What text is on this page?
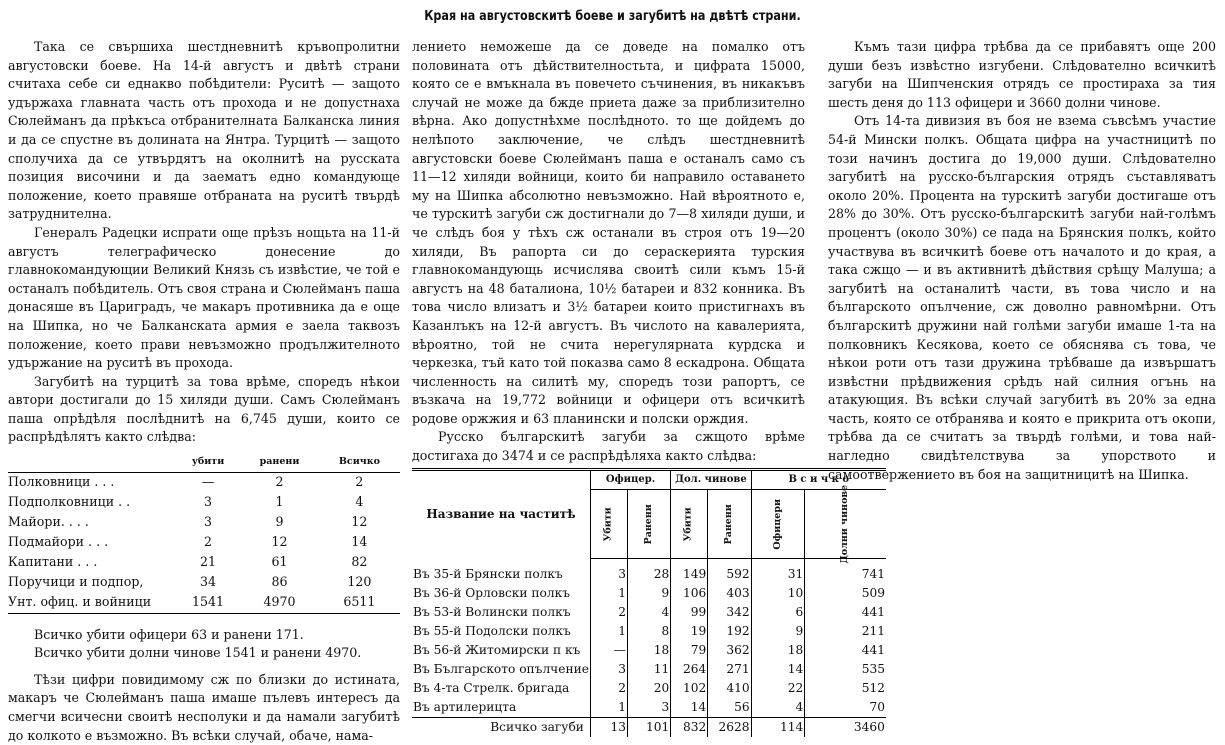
Края на августовскитѣ боеве и загубитѣ на двѣтѣ страни.

Така се свършиха шестдневнитѣ кръвопролитни августовски боеве. На 14-й августъ и двѣтѣ страни считаха себе си еднакво побѣдители: Руситѣ — защото удържаха главната часть отъ прохода и не допустнаха Сюлейманъ да прѣкъса отбранителната Балканска линия и да се спустне въ долината на Янтра. Турцитѣ — защото сполучиха да се утвърдятъ на околнитѣ на русската позиция височини и да заематъ едно командующе положение, което правяше отбраната на руситѣ твърдѣ затруднителна.

Генералъ Радецки испрати още прѣзъ нощьта на 11-й августъ телеграфическо донесение до главнокомандующии Великий Князь съ извѣстие, че той е останалъ побѣдитель. Отъ своя страна и Сюлейманъ паша донасяше въ Цариградъ, че макаръ противника да е още на Шипка, но че Балканската армия е заела таквозъ положение, което прави невъзможно продължителното удържание на руситѣ въ прохода.

Загубитѣ на турцитѣ за това врѣме, споредъ нѣкои автори достигали до 15 хиляди души. Самъ Сюлейманъ паша опрѣдѣля послѣднитѣ на 6,745 души, които се распрѣдѣлятъ както слѣдва:

	убити	ранени	Всичко
Полковници . . .	—	2	2
Подполковници . .	3	1	4
Майори. . . .	3	9	12
Подмайори . . .	2	12	14
Капитани . . .	21	61	82
Поручици и подпор,	34	86	120
Унт. офиц. и войници	1541	4970	6511

Всичко убити офицери 63 и ранени 171.

Всичко убити долни чинове 1541 и ранени 4970.

Тѣзи цифри повидимому сж по близки до истината, макаръ че Сюлейманъ паша имаше пълевъ интересъ да смегчи всичесни своитѣ несполуки и да намали загубитѣ до колкото е възможно. Въ всѣки случай, обаче, нама-

лението неможеше да се доведе на помалко отъ половината отъ дѣйствителностьта, и цифрата 15000, която се е вмъкнала въ повечето съчинения, въ никакъвъ случай не може да бжде приета даже за приблизително вѣрна. Ако допустнѣхме послѣдното. то ще дойдемъ до нелѣпото заключение, че слѣдъ шестдневнитѣ августовски боеве Сюлейманъ паша е останалъ само съ 11—12 хиляди войници, които би направило оставането му на Шипка абсолютно невъзможно. Най вѣроятното е, че турскитѣ загуби сж достигнали до 7—8 хиляди души, и че слѣдъ боя у тѣхъ сж останали въ строя отъ 19—20 хиляди, Въ рапорта си до сераскерията турския главнокомандующь исчислява своитѣ сили къмъ 15-й августъ на 48 баталиона, 10½ батареи и 832 конника. Въ това число влизатъ и 3½ батареи които пристигнахъ въ Казанлъкъ на 12-й августъ. Въ числото на кавалерията, вѣроятно, той не счита нерегулярната курдска и черкезка, тъй като той показва само 8 ескадрона. Общата численность на силитѣ му, споредъ този рапортъ, се възкача на 19,772 войници и офицери отъ всичкитѣ родове оржжия и 63 планински и полски орждия.

Русско българскитѣ загуби за сжщото врѣме достигаха до 3474 и се распрѣдѣляха както слѣдва:

Название на частитѣ	Офицер.		Дол. чинове		В с и ч к о	

	Убити	Ранени	Убити	Ранени	Офицери	Долни чинове

Въ 35-й Брянски полкъ	3	28	149	592	31	741
Въ 36-й Орловски полкъ	1	9	106	403	10	509
Въ 53-й Волински полкъ	2	4	99	342	6	441
Въ 55-й Подолски полкъ	1	8	19	192	9	211
Въ 56-й Житомирски п къ	—	18	79	362	18	441
Въ Българското опълчение	3	11	264	271	14	535
Въ 4-та Стрелк. бригада	2	20	102	410	22	512
Въ артилерицта	1	3	14	56	4	70
Всичко загуби	13	101	832	2628	114	3460

Къмъ тази цифра трѣбва да се прибавятъ още 200 души безъ извѣстно изгубени. Слѣдователно всичкитѣ загуби на Шипченския отрядъ се простираха за тия шесть деня до 113 офицери и 3660 долни чинове.

Отъ 14-та дивизия въ боя не взема съвсѣмъ участие 54-й Мински полкъ. Общата цифра на участницитѣ по този начинъ достига до 19,000 души. Слѣдователно загубитѣ на русско-българския отрядъ съставляватъ около 20%. Процента на турскитѣ загуби достигаше отъ 28% до 30%. Отъ русско-българскитѣ загуби най-голѣмъ процентъ (около 30%) се пада на Брянския полкъ, който участвува въ всичкитѣ боеве отъ началото и до края, а така сжщо — и въ активнитѣ дѣйствия срѣщу Малуша; а загубитѣ на останалитѣ части, въ това число и на българското опълчение, сж доволно равномѣрни. Отъ българскитѣ дружини най голѣми загуби имаше 1-та на полковникъ Кесякова, което се обяснява съ това, че нѣкои роти отъ тази дружина трѣбваше да извършатъ извѣстни прѣдвижения срѣдъ най силния огънь на атакующия. Въ всѣки случай загубитѣ въ 20% за една часть, която се отбранява и която е прикрита отъ окопи, трѣбва да се считатъ за твърдѣ голѣми, и това най-нагледно свидѣтелствува за упорството и самоотвержението въ боя на защитницитѣ на Шипка.
